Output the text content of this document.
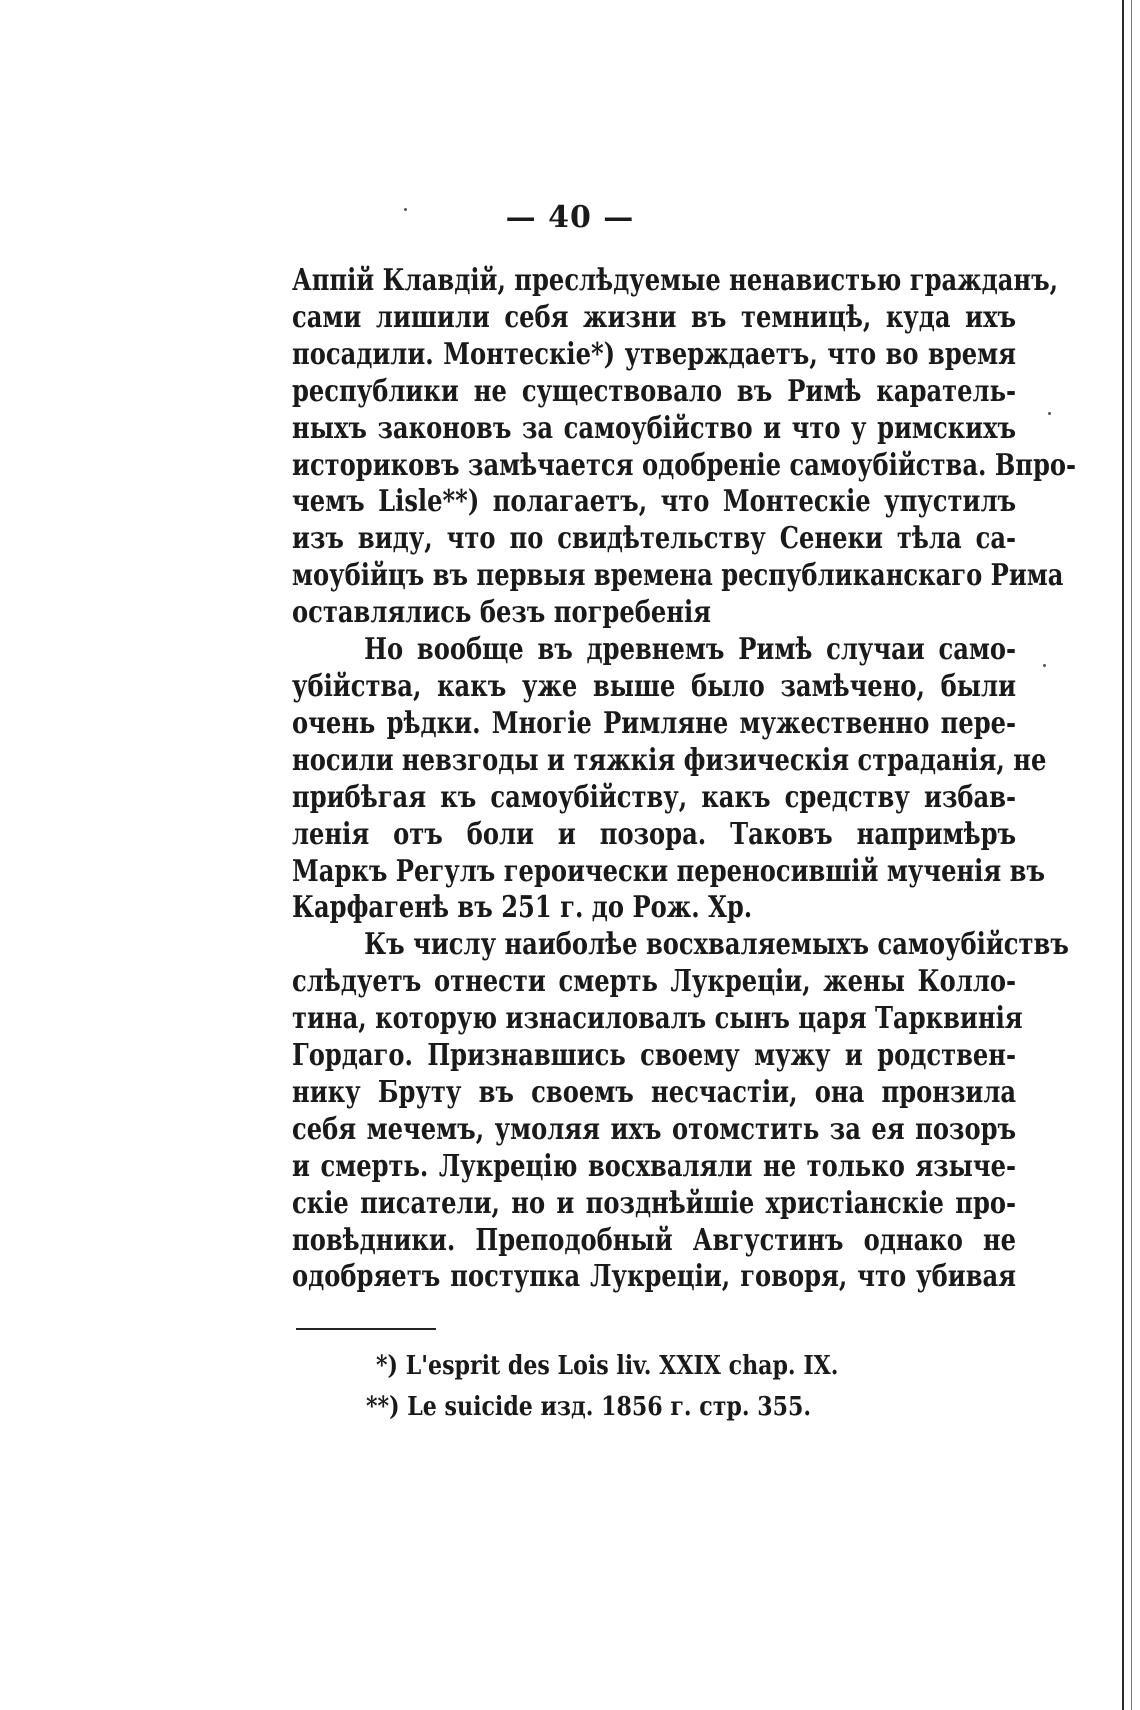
— 40 —
Аппій Клавдій, преслѣдуемые ненавистью гражданъ,
сами лишили себя жизни въ темницѣ, куда ихъ
посадили. Монтескіе*) утверждаетъ, что во время
республики не существовало въ Римѣ каратель-
ныхъ законовъ за самоубійство и что у римскихъ
историковъ замѣчается одобреніе самоубійства. Впро-
чемъ Lisle**) полагаетъ, что Монтескіе упустилъ
изъ виду, что по свидѣтельству Сенеки тѣла са-
моубійцъ въ первыя времена республиканскаго Рима
оставлялись безъ погребенія
Но вообще въ древнемъ Римѣ случаи само-
убійства, какъ уже выше было замѣчено, были
очень рѣдки. Многіе Римляне мужественно пере-
носили невзгоды и тяжкія физическія страданія, не
прибѣгая къ самоубійству, какъ средству избав-
ленія отъ боли и позора. Таковъ напримѣръ
Маркъ Регулъ героически переносившій мученія въ
Карфагенѣ въ 251 г. до Рож. Хр.
Къ числу наиболѣе восхваляемыхъ самоубійствъ
слѣдуетъ отнести смерть Лукреціи, жены Колло-
тина, которую изнасиловалъ сынъ царя Тарквинія
Гордаго. Признавшись своему мужу и родствен-
нику Бруту въ своемъ несчастіи, она пронзила
себя мечемъ, умоляя ихъ отомстить за ея позоръ
и смерть. Лукрецію восхваляли не только языче-
скіе писатели, но и позднѣйшіе христіанскіе про-
повѣдники. Преподобный Августинъ однако не
одобряетъ поступка Лукреціи, говоря, что убивая
*) L'esprit des Lois liv. XXIX chap. IX.
**) Le suicide изд. 1856 г. стр. 355.
